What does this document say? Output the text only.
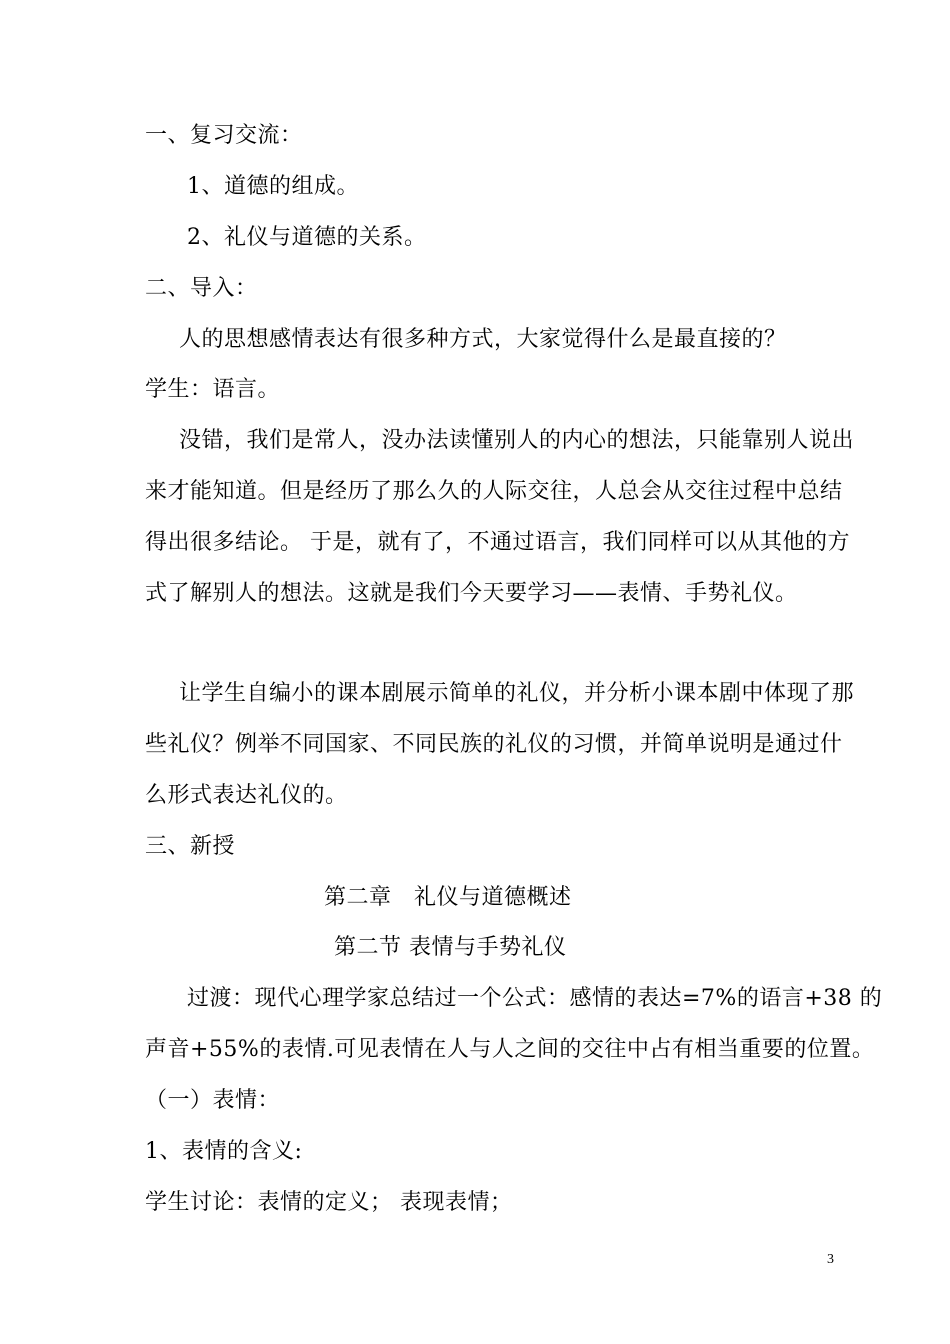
一、复习交流：
1、道德的组成。
2、礼仪与道德的关系。
二、导入：
人的思想感情表达有很多种方式，大家觉得什么是最直接的？
学生：语言。
没错，我们是常人，没办法读懂别人的内心的想法，只能靠别人说出
来才能知道。但是经历了那么久的人际交往，人总会从交往过程中总结
得出很多结论。 于是，就有了，不通过语言，我们同样可以从其他的方
式了解别人的想法。这就是我们今天要学习——表情、手势礼仪。
让学生自编小的课本剧展示简单的礼仪，并分析小课本剧中体现了那
些礼仪？例举不同国家、不同民族的礼仪的习惯，并简单说明是通过什
么形式表达礼仪的。
三、新授
第二章　礼仪与道德概述
第二节 表情与手势礼仪
过渡：现代心理学家总结过一个公式：感情的表达=7%的语言+38 的
声音+55%的表情.可见表情在人与人之间的交往中占有相当重要的位置。
（一）表情：
1、表情的含义:
学生讨论：表情的定义； 表现表情；
3
